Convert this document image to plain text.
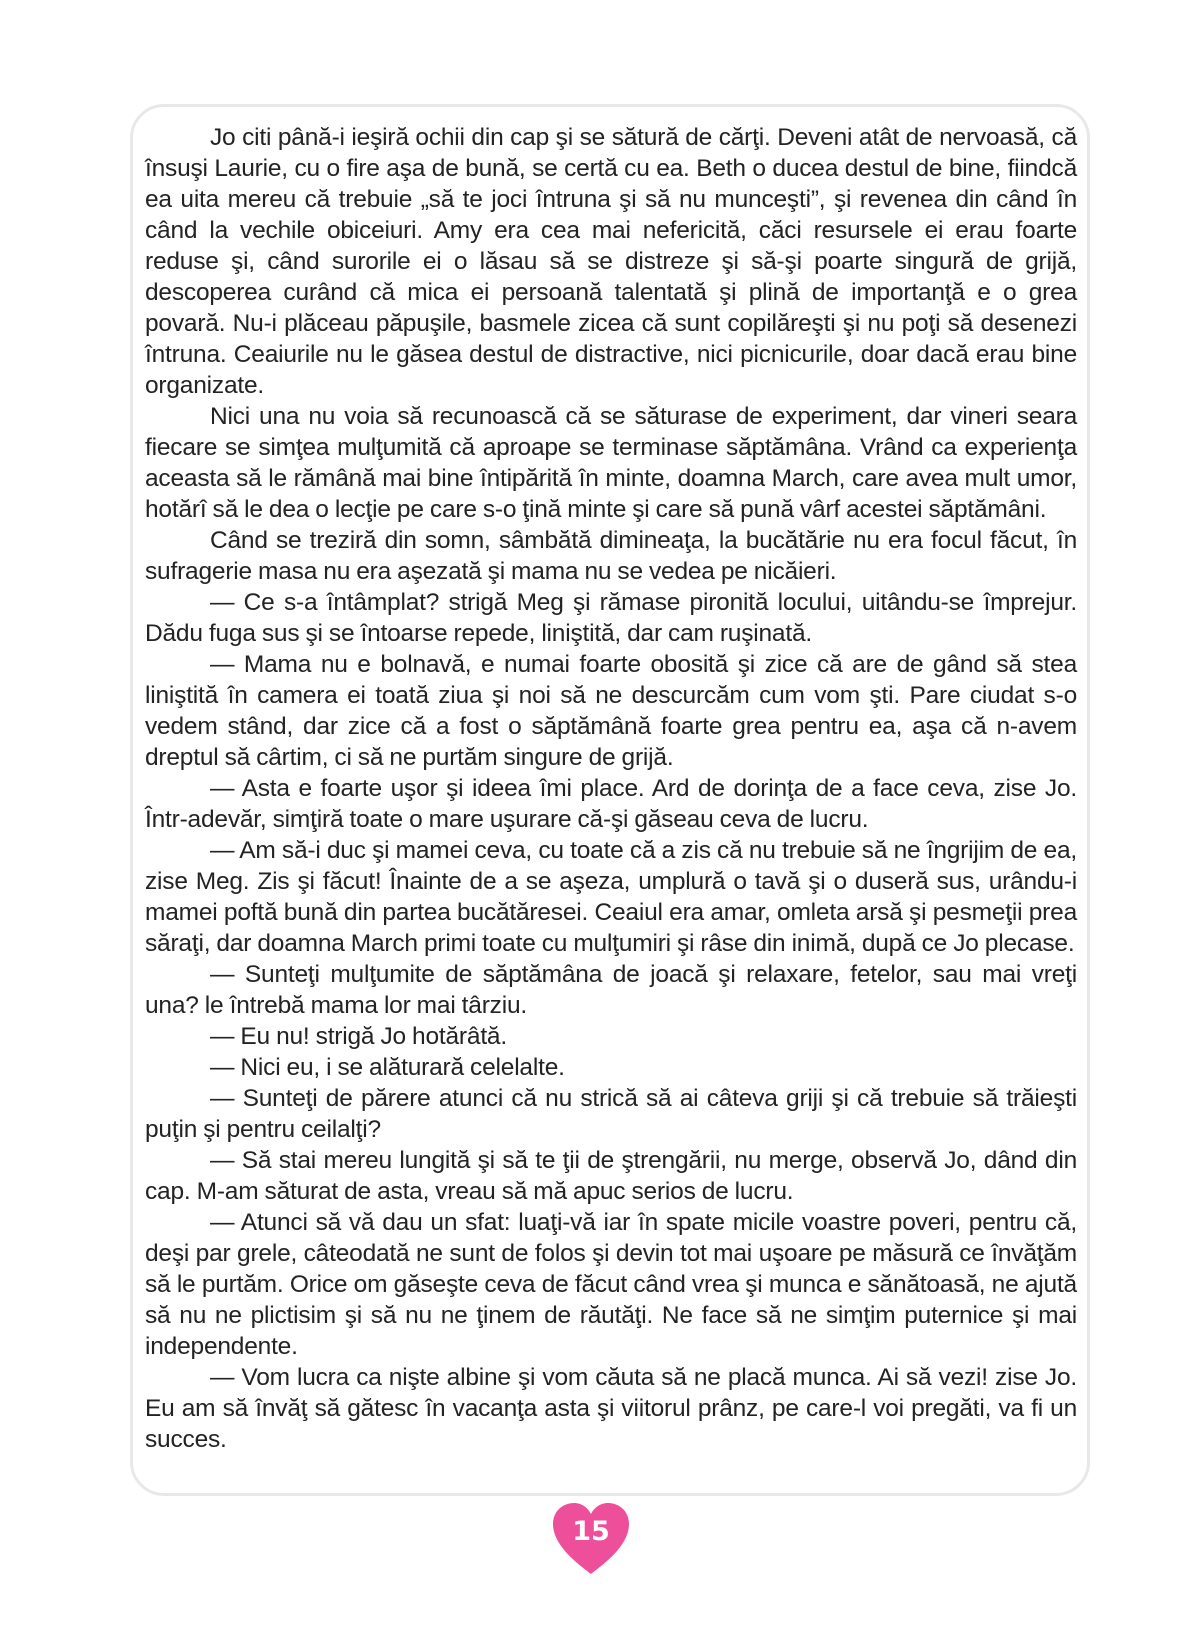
Jo citi până-i ieşiră ochii din cap şi se sătură de cărţi. Deveni atât de nervoasă, că însuşi Laurie, cu o fire aşa de bună, se certă cu ea. Beth o ducea destul de bine, fiindcă ea uita mereu că trebuie „să te joci întruna şi să nu munceşti”, şi revenea din când în când la vechile obiceiuri. Amy era cea mai nefericită, căci resursele ei erau foarte reduse şi, când surorile ei o lăsau să se distreze şi să-şi poarte singură de grijă, descoperea curând că mica ei persoană talentată şi plină de importanţă e o grea povară. Nu-i plăceau păpuşile, basmele zicea că sunt copilăreşti şi nu poţi să desenezi întruna. Ceaiurile nu le găsea destul de distractive, nici picnicurile, doar dacă erau bine organizate.

Nici una nu voia să recunoască că se săturase de experiment, dar vineri seara fiecare se simţea mulţumită că aproape se terminase săptămâna. Vrând ca experienţa aceasta să le rămână mai bine întipărită în minte, doamna March, care avea mult umor, hotărî să le dea o lecţie pe care s-o ţină minte şi care să pună vârf acestei săptămâni.

Când se treziră din somn, sâmbătă dimineaţa, la bucătărie nu era focul făcut, în sufragerie masa nu era aşezată şi mama nu se vedea pe nicăieri.

— Ce s-a întâmplat? strigă Meg şi rămase pironită locului, uitându-se împrejur. Dădu fuga sus şi se întoarse repede, liniştită, dar cam ruşinată.

— Mama nu e bolnavă, e numai foarte obosită şi zice că are de gând să stea liniştită în camera ei toată ziua şi noi să ne descurcăm cum vom şti. Pare ciudat s-o vedem stând, dar zice că a fost o săptămână foarte grea pentru ea, aşa că n-avem dreptul să cârtim, ci să ne purtăm singure de grijă.

— Asta e foarte uşor şi ideea îmi place. Ard de dorinţa de a face ceva, zise Jo. Într-adevăr, simţiră toate o mare uşurare că-şi găseau ceva de lucru.

— Am să-i duc şi mamei ceva, cu toate că a zis că nu trebuie să ne îngrijim de ea, zise Meg. Zis şi făcut! Înainte de a se aşeza, umplură o tavă şi o duseră sus, urându-i mamei poftă bună din partea bucătăresei. Ceaiul era amar, omleta arsă şi pesmeţii prea săraţi, dar doamna March primi toate cu mulţumiri şi râse din inimă, după ce Jo plecase.

— Sunteţi mulţumite de săptămâna de joacă şi relaxare, fetelor, sau mai vreţi una? le întrebă mama lor mai târziu.

— Eu nu! strigă Jo hotărâtă.

— Nici eu, i se alăturară celelalte.

— Sunteţi de părere atunci că nu strică să ai câteva griji şi că trebuie să trăieşti puţin şi pentru ceilalţi?

— Să stai mereu lungită şi să te ţii de ştrengării, nu merge, observă Jo, dând din cap. M-am săturat de asta, vreau să mă apuc serios de lucru.

— Atunci să vă dau un sfat: luaţi-vă iar în spate micile voastre poveri, pentru că, deşi par grele, câteodată ne sunt de folos şi devin tot mai uşoare pe măsură ce învăţăm să le purtăm. Orice om găseşte ceva de făcut când vrea şi munca e sănătoasă, ne ajută să nu ne plictisim şi să nu ne ţinem de răutăţi. Ne face să ne simţim puternice şi mai independente.

— Vom lucra ca nişte albine şi vom căuta să ne placă munca. Ai să vezi! zise Jo. Eu am să învăţ să gătesc în vacanţa asta şi viitorul prânz, pe care-l voi pregăti, va fi un succes.

15
